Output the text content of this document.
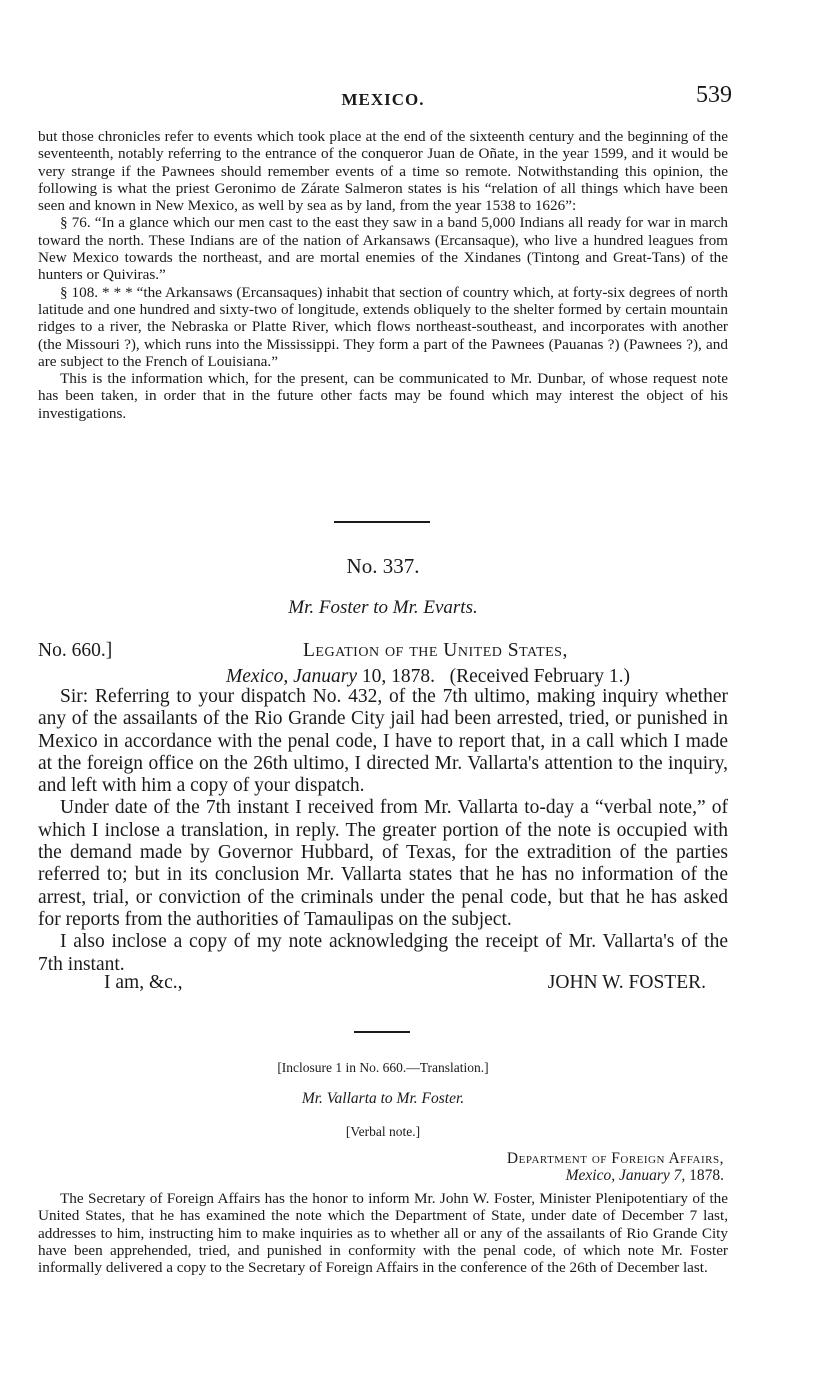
MEXICO.	539

but those chronicles refer to events which took place at the end of the sixteenth century and the beginning of the seventeenth, notably referring to the entrance of the conqueror Juan de Oñate, in the year 1599, and it would be very strange if the Pawnees should remember events of a time so remote. Notwithstanding this opinion, the following is what the priest Geronimo de Zárate Salmeron states is his “relation of all things which have been seen and known in New Mexico, as well by sea as by land, from the year 1538 to 1626”:

§ 76. “In a glance which our men cast to the east they saw in a band 5,000 Indians all ready for war in march toward the north. These Indians are of the nation of Arkansaws (Ercansaque), who live a hundred leagues from New Mexico towards the northeast, and are mortal enemies of the Xindanes (Tintong and Great-Tans) of the hunters or Quiviras.”

§ 108. * * * “the Arkansaws (Ercansaques) inhabit that section of country which, at forty-six degrees of north latitude and one hundred and sixty-two of longitude, extends obliquely to the shelter formed by certain mountain ridges to a river, the Nebraska or Platte River, which flows northeast-southeast, and incorporates with another (the Missouri ?), which runs into the Mississippi. They form a part of the Pawnees (Pauanas ?) (Pawnees ?), and are subject to the French of Louisiana.”

This is the information which, for the present, can be communicated to Mr. Dunbar, of whose request note has been taken, in order that in the future other facts may be found which may interest the object of his investigations.

No. 337.
Mr. Foster to Mr. Evarts.
No. 660.]	Legation of the United States,
Mexico, January 10, 1878. (Received February 1.)

Sir: Referring to your dispatch No. 432, of the 7th ultimo, making inquiry whether any of the assailants of the Rio Grande City jail had been arrested, tried, or punished in Mexico in accordance with the penal code, I have to report that, in a call which I made at the foreign office on the 26th ultimo, I directed Mr. Vallarta's attention to the inquiry, and left with him a copy of your dispatch.

Under date of the 7th instant I received from Mr. Vallarta to-day a “verbal note,” of which I inclose a translation, in reply. The greater portion of the note is occupied with the demand made by Governor Hubbard, of Texas, for the extradition of the parties referred to; but in its conclusion Mr. Vallarta states that he has no information of the arrest, trial, or conviction of the criminals under the penal code, but that he has asked for reports from the authorities of Tamaulipas on the subject.

I also inclose a copy of my note acknowledging the receipt of Mr. Vallarta's of the 7th instant.

I am, &c.,	JOHN W. FOSTER.
[Inclosure 1 in No. 660.—Translation.]
Mr. Vallarta to Mr. Foster.
[Verbal note.]
Department of Foreign Affairs,
Mexico, January 7, 1878.

The Secretary of Foreign Affairs has the honor to inform Mr. John W. Foster, Minister Plenipotentiary of the United States, that he has examined the note which the Department of State, under date of December 7 last, addresses to him, instructing him to make inquiries as to whether all or any of the assailants of Rio Grande City have been apprehended, tried, and punished in conformity with the penal code, of which note Mr. Foster informally delivered a copy to the Secretary of Foreign Affairs in the conference of the 26th of December last.
